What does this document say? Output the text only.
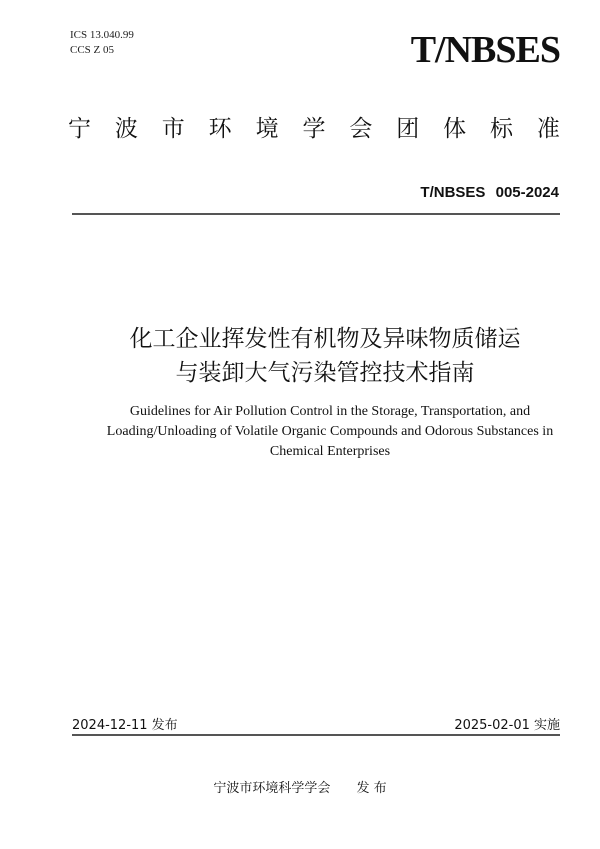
ICS 13.040.99
CCS Z 05	T/NBSES
宁 波 市 环 境 学 会 团 体 标 准
T/NBSES 005-2024
化工企业挥发性有机物及异味物质储运
与装卸大气污染管控技术指南
Guidelines for Air Pollution Control in the Storage, Transportation, and
Loading/Unloading of Volatile Organic Compounds and Odorous Substances in
Chemical Enterprises
2024-12-11 发布	2025-02-01 实施
宁波市环境科学学会 发 布
